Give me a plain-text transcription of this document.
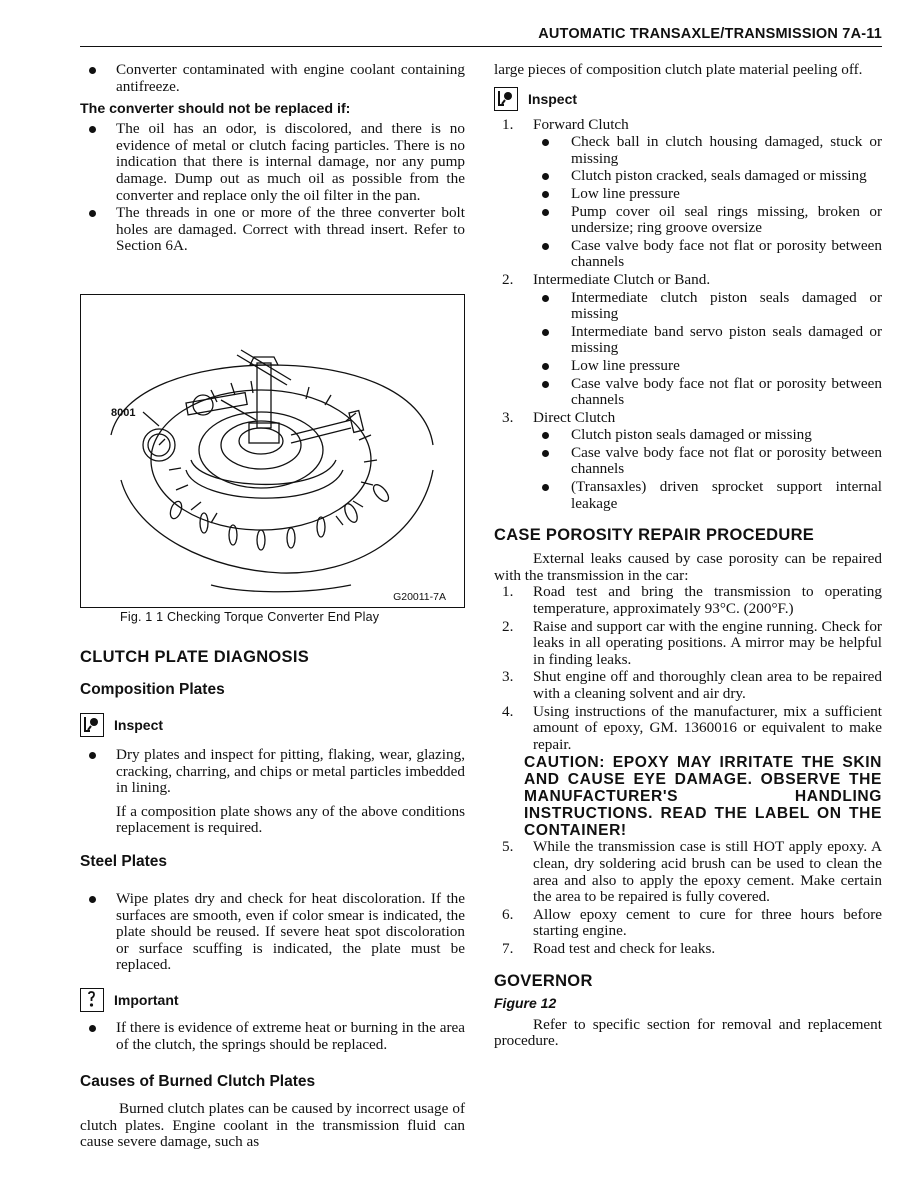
AUTOMATIC TRANSAXLE/TRANSMISSION 7A-11
Converter contaminated with engine coolant containing antifreeze.
The converter should not be replaced if:
The oil has an odor, is discolored, and there is no evidence of metal or clutch facing particles. There is no indication that there is internal damage, nor any pump damage. Dump out as much oil as possible from the converter and replace only the oil filter in the pan.
The threads in one or more of the three converter bolt holes are damaged. Correct with thread insert. Refer to Section 6A.
8001
G20011-7A
Fig. 1 1 Checking Torque Converter End Play
CLUTCH PLATE DIAGNOSIS
Composition Plates
Inspect
Dry plates and inspect for pitting, flaking, wear, glazing, cracking, charring, and chips or metal particles imbedded in lining.

If a composition plate shows any of the above conditions replacement is required.

Steel Plates
Wipe plates dry and check for heat discoloration. If the surfaces are smooth, even if color smear is indicated, the plate should be reused. If severe heat spot discoloration or surface scuffing is indicated, the plate must be replaced.
Important
If there is evidence of extreme heat or burning in the area of the clutch, the springs should be replaced.
Causes of Burned Clutch Plates

Burned clutch plates can be caused by incorrect usage of clutch plates. Engine coolant in the transmission fluid can cause severe damage, such as

large pieces of composition clutch plate material peeling off.

Inspect
1. Forward Clutch
Check ball in clutch housing damaged, stuck or missing
Clutch piston cracked, seals damaged or missing
Low line pressure
Pump cover oil seal rings missing, broken or undersize; ring groove oversize
Case valve body face not flat or porosity between channels
2. Intermediate Clutch or Band.
Intermediate clutch piston seals damaged or missing
Intermediate band servo piston seals damaged or missing
Low line pressure
Case valve body face not flat or porosity between channels
3. Direct Clutch
Clutch piston seals damaged or missing
Case valve body face not flat or porosity between channels
(Transaxles) driven sprocket support internal leakage
CASE POROSITY REPAIR PROCEDURE

External leaks caused by case porosity can be repaired with the transmission in the car:

1. Road test and bring the transmission to operating temperature, approximately 93°C. (200°F.)
2. Raise and support car with the engine running. Check for leaks in all operating positions. A mirror may be helpful in finding leaks.
3. Shut engine off and thoroughly clean area to be repaired with a cleaning solvent and air dry.
4. Using instructions of the manufacturer, mix a sufficient amount of epoxy, GM. 1360016 or equivalent to make repair.
CAUTION: EPOXY MAY IRRITATE THE SKIN AND CAUSE EYE DAMAGE. OBSERVE THE MANUFACTURER'S HANDLING INSTRUCTIONS. READ THE LABEL ON THE CONTAINER!
5. While the transmission case is still HOT apply epoxy. A clean, dry soldering acid brush can be used to clean the area and also to apply the epoxy cement. Make certain the area to be repaired is fully covered.
6. Allow epoxy cement to cure for three hours before starting engine.
7. Road test and check for leaks.
GOVERNOR
Figure 12

Refer to specific section for removal and replacement procedure.
